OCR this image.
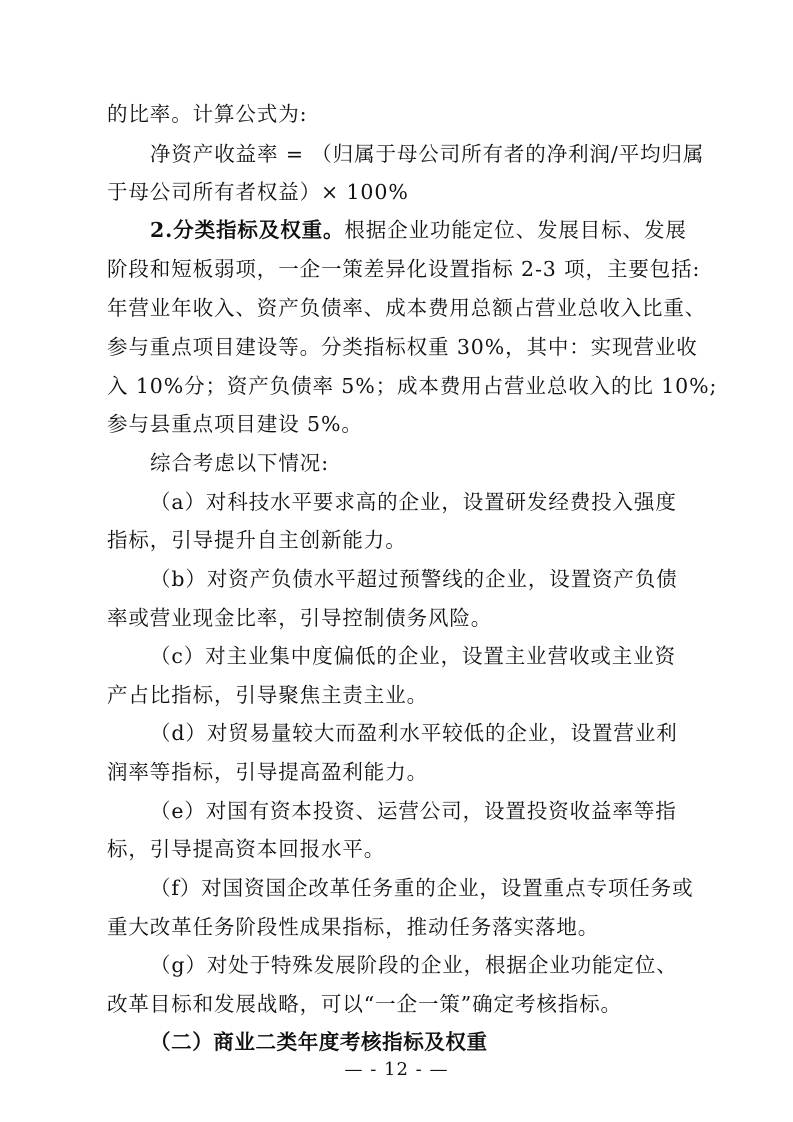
的比率。计算公式为:
净资产收益率 = （归属于母公司所有者的净利润/平均归属
于母公司所有者权益）× 100%
2.分类指标及权重。根据企业功能定位、发展目标、发展
阶段和短板弱项，一企一策差异化设置指标 2-3 项，主要包括:
年营业年收入、资产负债率、成本费用总额占营业总收入比重、
参与重点项目建设等。分类指标权重 30%，其中：实现营业收
入 10%分；资产负债率 5%；成本费用占营业总收入的比 10%;
参与县重点项目建设 5%。
综合考虑以下情况:
（a）对科技水平要求高的企业，设置研发经费投入强度
指标，引导提升自主创新能力。
（b）对资产负债水平超过预警线的企业，设置资产负债
率或营业现金比率，引导控制债务风险。
（c）对主业集中度偏低的企业，设置主业营收或主业资
产占比指标，引导聚焦主责主业。
（d）对贸易量较大而盈利水平较低的企业，设置营业利
润率等指标，引导提高盈利能力。
（e）对国有资本投资、运营公司，设置投资收益率等指
标，引导提高资本回报水平。
（f）对国资国企改革任务重的企业，设置重点专项任务或
重大改革任务阶段性成果指标，推动任务落实落地。
（g）对处于特殊发展阶段的企业，根据企业功能定位、
改革目标和发展战略，可以“一企一策”确定考核指标。
（二）商业二类年度考核指标及权重
— - 12 - —
